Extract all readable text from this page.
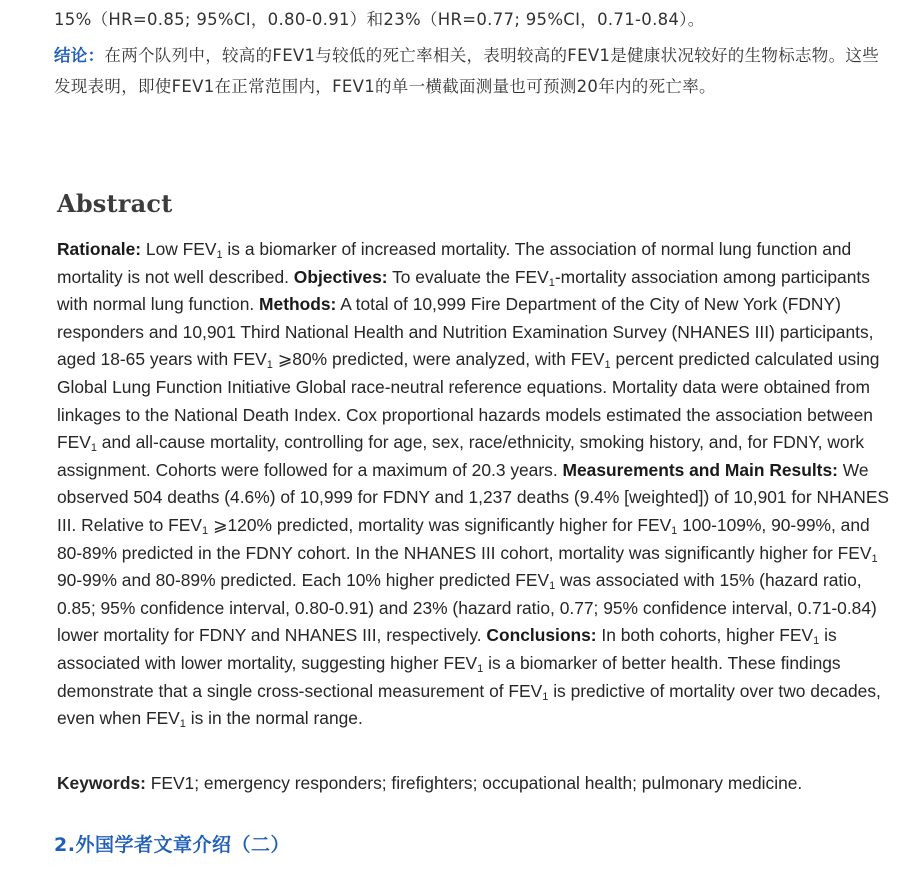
15%（HR=0.85; 95%CI，0.80-0.91）和23%（HR=0.77; 95%CI，0.71-0.84）。
结论：在两个队列中，较高的FEV1与较低的死亡率相关，表明较高的FEV1是健康状况较好的生物标志物。这些发现表明，即使FEV1在正常范围内，FEV1的单一横截面测量也可预测20年内的死亡率。
Abstract

Rationale: Low $FEV_1$ is a biomarker of increased mortality. The association of normal lung function and mortality is not well described. Objectives: To evaluate the $FEV_1$-mortality association among participants with normal lung function. Methods: A total of 10,999 Fire Department of the City of New York (FDNY) responders and 10,901 Third National Health and Nutrition Examination Survey (NHANES III) participants, aged 18-65 years with $FEV_1$ ⩾80% predicted, were analyzed, with $FEV_1$ percent predicted calculated using Global Lung Function Initiative Global race-neutral reference equations. Mortality data were obtained from linkages to the National Death Index. Cox proportional hazards models estimated the association between $FEV_1$ and all-cause mortality, controlling for age, sex, race/ethnicity, smoking history, and, for FDNY, work assignment. Cohorts were followed for a maximum of 20.3 years. Measurements and Main Results: We observed 504 deaths (4.6%) of 10,999 for FDNY and 1,237 deaths (9.4% [weighted]) of 10,901 for NHANES III. Relative to $FEV_1$ ⩾120% predicted, mortality was significantly higher for $FEV_1$ 100-109%, 90-99%, and 80-89% predicted in the FDNY cohort. In the NHANES III cohort, mortality was significantly higher for $FEV_1$ 90-99% and 80-89% predicted. Each 10% higher predicted $FEV_1$ was associated with 15% (hazard ratio, 0.85; 95% confidence interval, 0.80-0.91) and 23% (hazard ratio, 0.77; 95% confidence interval, 0.71-0.84) lower mortality for FDNY and NHANES III, respectively. Conclusions: In both cohorts, higher $FEV_1$ is associated with lower mortality, suggesting higher $FEV_1$ is a biomarker of better health. These findings demonstrate that a single cross-sectional measurement of $FEV_1$ is predictive of mortality over two decades, even when $FEV_1$ is in the normal range.

Keywords: FEV1; emergency responders; firefighters; occupational health; pulmonary medicine.

2.外国学者文章介绍（二）
